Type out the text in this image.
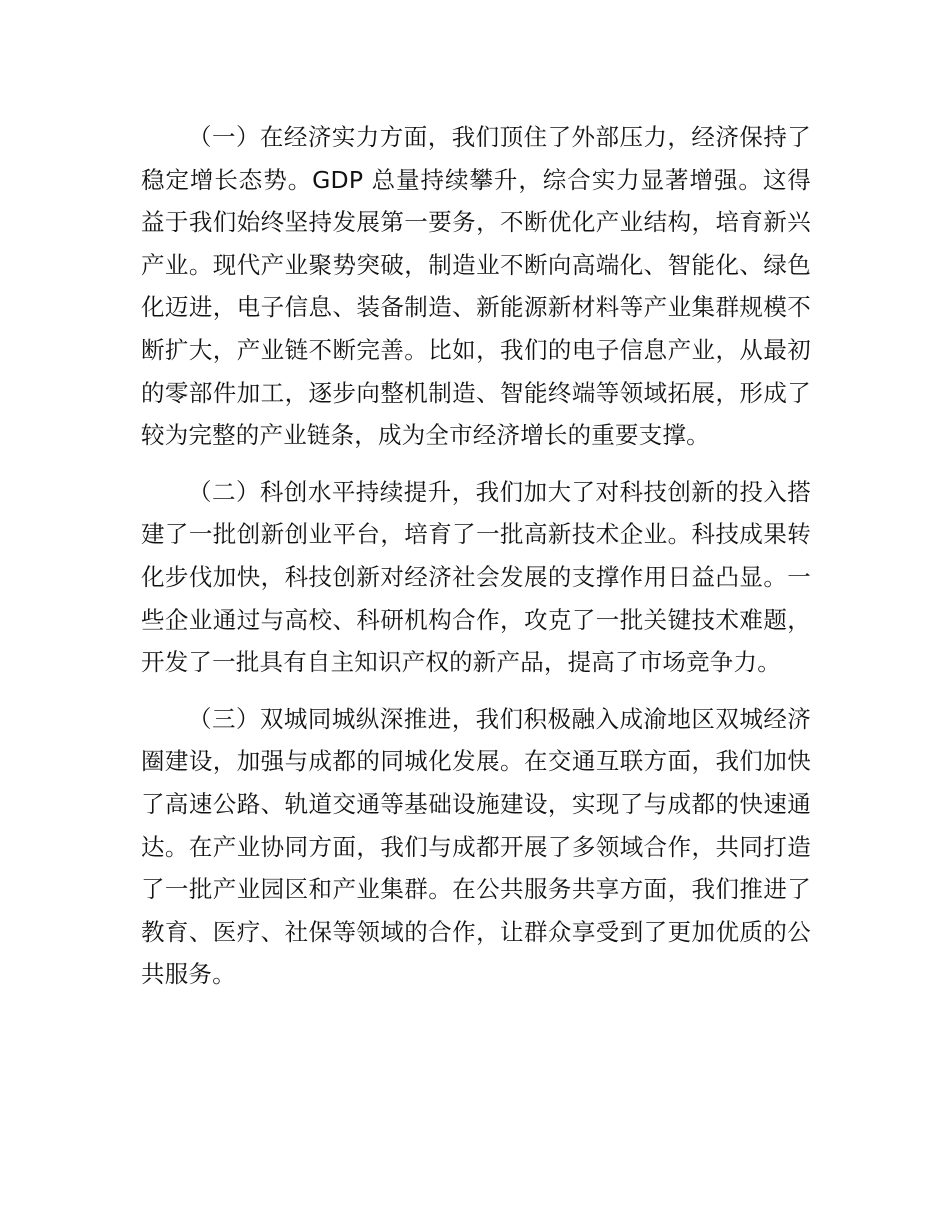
（一）在经济实力方面，我们顶住了外部压力，经济保持了稳定增长态势。GDP 总量持续攀升，综合实力显著增强。这得益于我们始终坚持发展第一要务，不断优化产业结构，培育新兴产业。现代产业聚势突破，制造业不断向高端化、智能化、绿色化迈进，电子信息、装备制造、新能源新材料等产业集群规模不断扩大，产业链不断完善。比如，我们的电子信息产业，从最初的零部件加工，逐步向整机制造、智能终端等领域拓展，形成了较为完整的产业链条，成为全市经济增长的重要支撑。

（二）科创水平持续提升，我们加大了对科技创新的投入搭建了一批创新创业平台，培育了一批高新技术企业。科技成果转化步伐加快，科技创新对经济社会发展的支撑作用日益凸显。一些企业通过与高校、科研机构合作，攻克了一批关键技术难题，开发了一批具有自主知识产权的新产品，提高了市场竞争力。

（三）双城同城纵深推进，我们积极融入成渝地区双城经济圈建设，加强与成都的同城化发展。在交通互联方面，我们加快了高速公路、轨道交通等基础设施建设，实现了与成都的快速通达。在产业协同方面，我们与成都开展了多领域合作，共同打造了一批产业园区和产业集群。在公共服务共享方面，我们推进了教育、医疗、社保等领域的合作，让群众享受到了更加优质的公共服务。
